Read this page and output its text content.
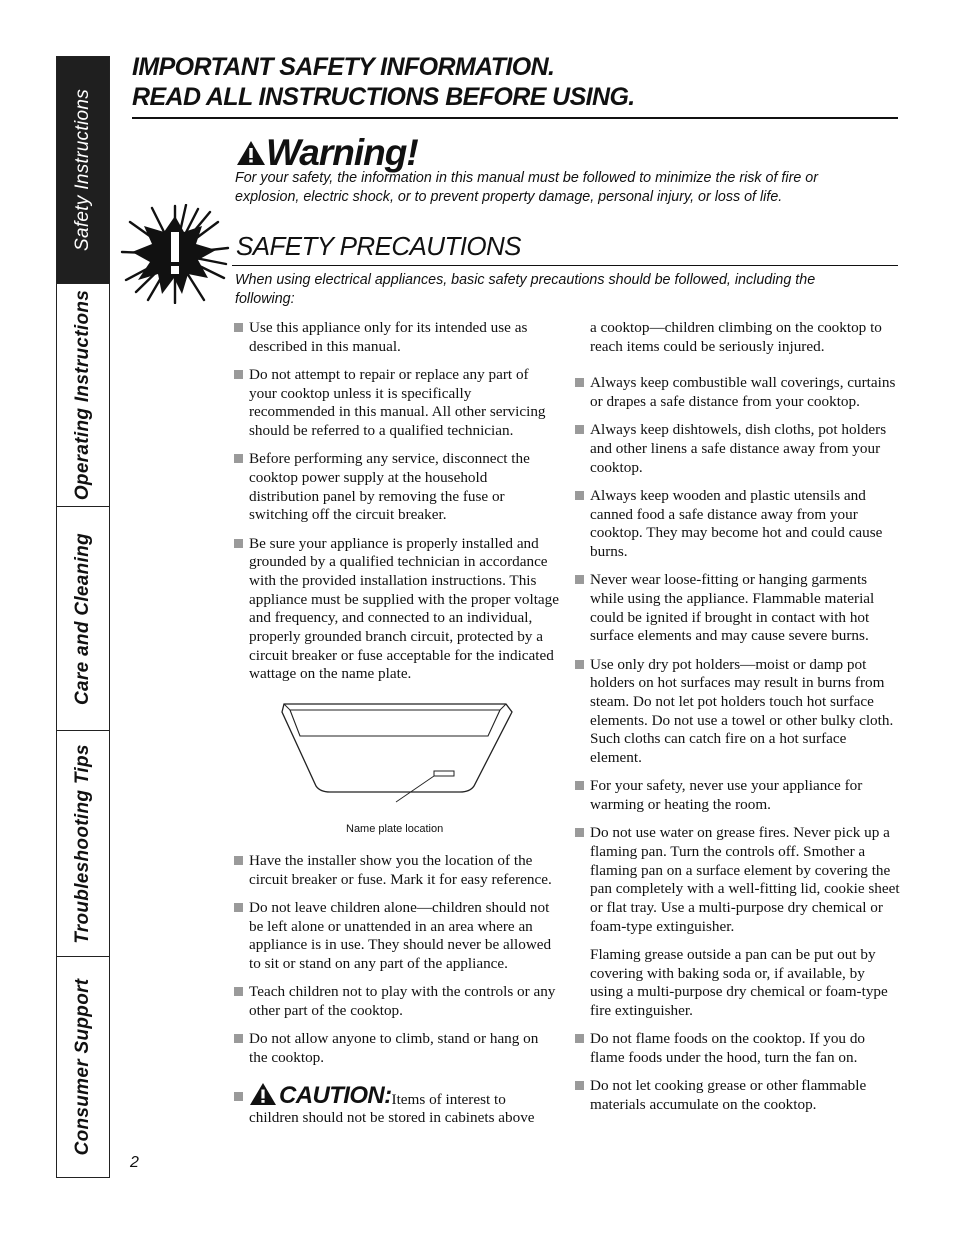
Safety Instructions
Operating Instructions
Care and Cleaning
Troubleshooting Tips
Consumer Support
IMPORTANT SAFETY INFORMATION.
READ ALL INSTRUCTIONS BEFORE USING.
Warning!
For your safety, the information in this manual must be followed to minimize the risk of fire or explosion, electric shock, or to prevent property damage, personal injury, or loss of life.
SAFETY PRECAUTIONS
When using electrical appliances, basic safety precautions should be followed, including the following:

Use this appliance only for its intended use as described in this manual.

Do not attempt to repair or replace any part of your cooktop unless it is specifically recommended in this manual. All other servicing should be referred to a qualified technician.

Before performing any service, disconnect the cooktop power supply at the household distribution panel by removing the fuse or switching off the circuit breaker.

Be sure your appliance is properly installed and grounded by a qualified technician in accordance with the provided installation instructions. This appliance must be supplied with the proper voltage and frequency, and connected to an individual, properly grounded branch circuit, protected by a circuit breaker or fuse acceptable for the indicated wattage on the name plate.

Name plate location

Have the installer show you the location of the circuit breaker or fuse. Mark it for easy reference.

Do not leave children alone—children should not be left alone or unattended in an area where an appliance is in use. They should never be allowed to sit or stand on any part of the appliance.

Teach children not to play with the controls or any other part of the cooktop.

Do not allow anyone to climb, stand or hang on the cooktop.

CAUTION: Items of interest to children should not be stored in cabinets above

a cooktop—children climbing on the cooktop to reach items could be seriously injured.

Always keep combustible wall coverings, curtains or drapes a safe distance from your cooktop.

Always keep dishtowels, dish cloths, pot holders and other linens a safe distance away from your cooktop.

Always keep wooden and plastic utensils and canned food a safe distance away from your cooktop. They may become hot and could cause burns.

Never wear loose-fitting or hanging garments while using the appliance. Flammable material could be ignited if brought in contact with hot surface elements and may cause severe burns.

Use only dry pot holders—moist or damp pot holders on hot surfaces may result in burns from steam. Do not let pot holders touch hot surface elements. Do not use a towel or other bulky cloth. Such cloths can catch fire on a hot surface element.

For your safety, never use your appliance for warming or heating the room.

Do not use water on grease fires. Never pick up a flaming pan. Turn the controls off. Smother a flaming pan on a surface element by covering the pan completely with a well-fitting lid, cookie sheet or flat tray. Use a multi-purpose dry chemical or foam-type extinguisher.

Flaming grease outside a pan can be put out by covering with baking soda or, if available, by using a multi-purpose dry chemical or foam-type fire extinguisher.

Do not flame foods on the cooktop. If you do flame foods under the hood, turn the fan on.

Do not let cooking grease or other flammable materials accumulate on the cooktop.

2
